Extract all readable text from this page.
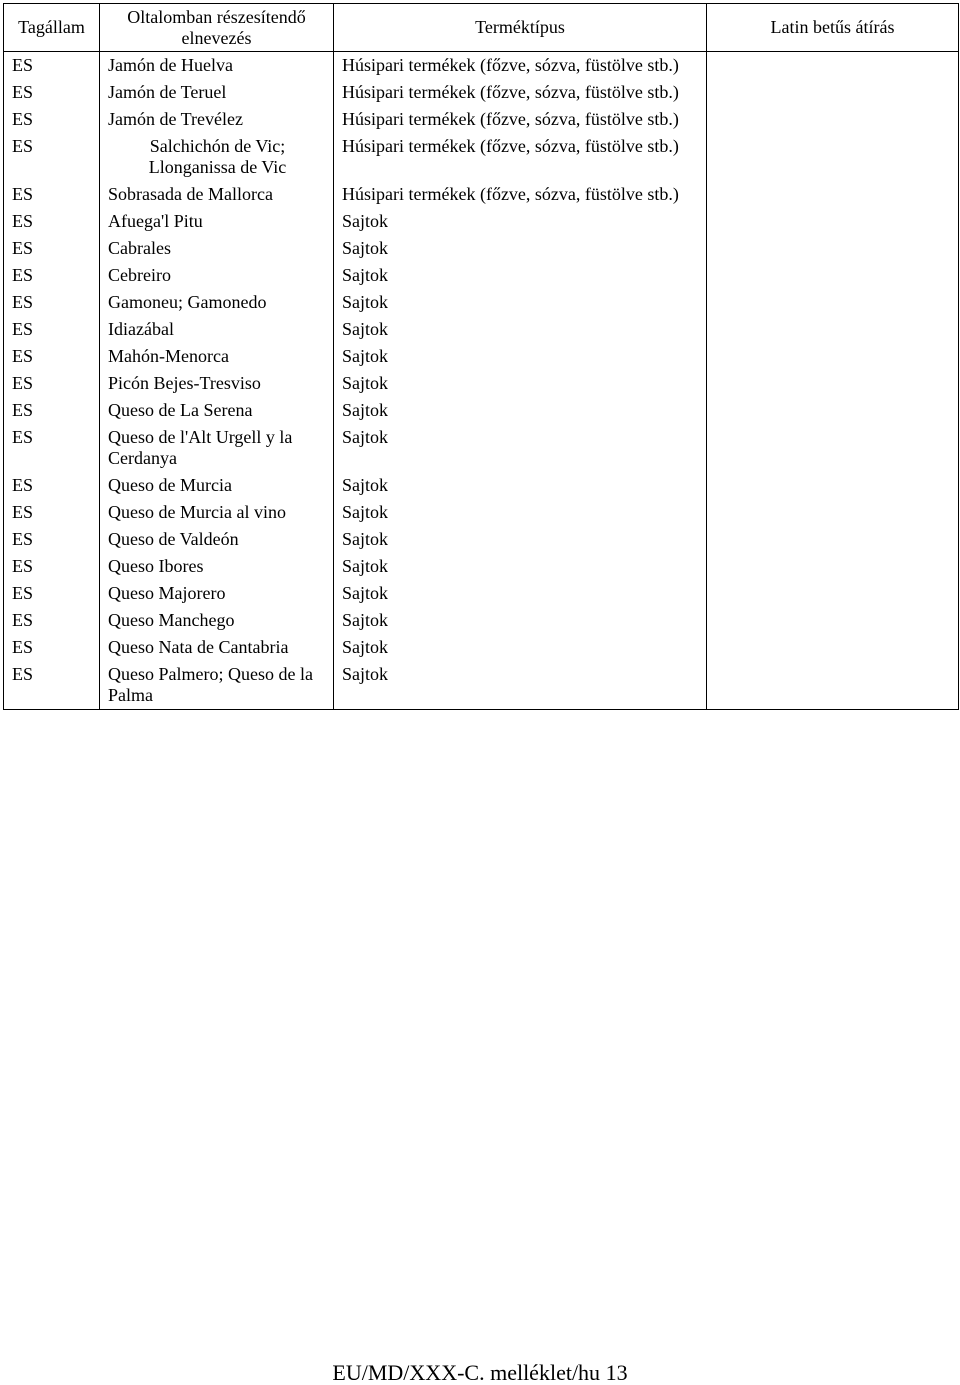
Tagállam	Oltalomban részesítendő elnevezés	Terméktípus	Latin betűs átírás
ES	Jamón de Huelva	Húsipari termékek (főzve, sózva, füstölve stb.)	
ES	Jamón de Teruel	Húsipari termékek (főzve, sózva, füstölve stb.)	
ES	Jamón de Trevélez	Húsipari termékek (főzve, sózva, füstölve stb.)	
ES	Salchichón de Vic; Llonganissa de Vic	Húsipari termékek (főzve, sózva, füstölve stb.)	
ES	Sobrasada de Mallorca	Húsipari termékek (főzve, sózva, füstölve stb.)	
ES	Afuega'l Pitu	Sajtok	
ES	Cabrales	Sajtok	
ES	Cebreiro	Sajtok	
ES	Gamoneu; Gamonedo	Sajtok	
ES	Idiazábal	Sajtok	
ES	Mahón-Menorca	Sajtok	
ES	Picón Bejes-Tresviso	Sajtok	
ES	Queso de La Serena	Sajtok	
ES	Queso de l'Alt Urgell y la Cerdanya	Sajtok	
ES	Queso de Murcia	Sajtok	
ES	Queso de Murcia al vino	Sajtok	
ES	Queso de Valdeón	Sajtok	
ES	Queso Ibores	Sajtok	
ES	Queso Majorero	Sajtok	
ES	Queso Manchego	Sajtok	
ES	Queso Nata de Cantabria	Sajtok	
ES	Queso Palmero; Queso de la Palma	Sajtok	
EU/MD/XXX-C. melléklet/hu 13
